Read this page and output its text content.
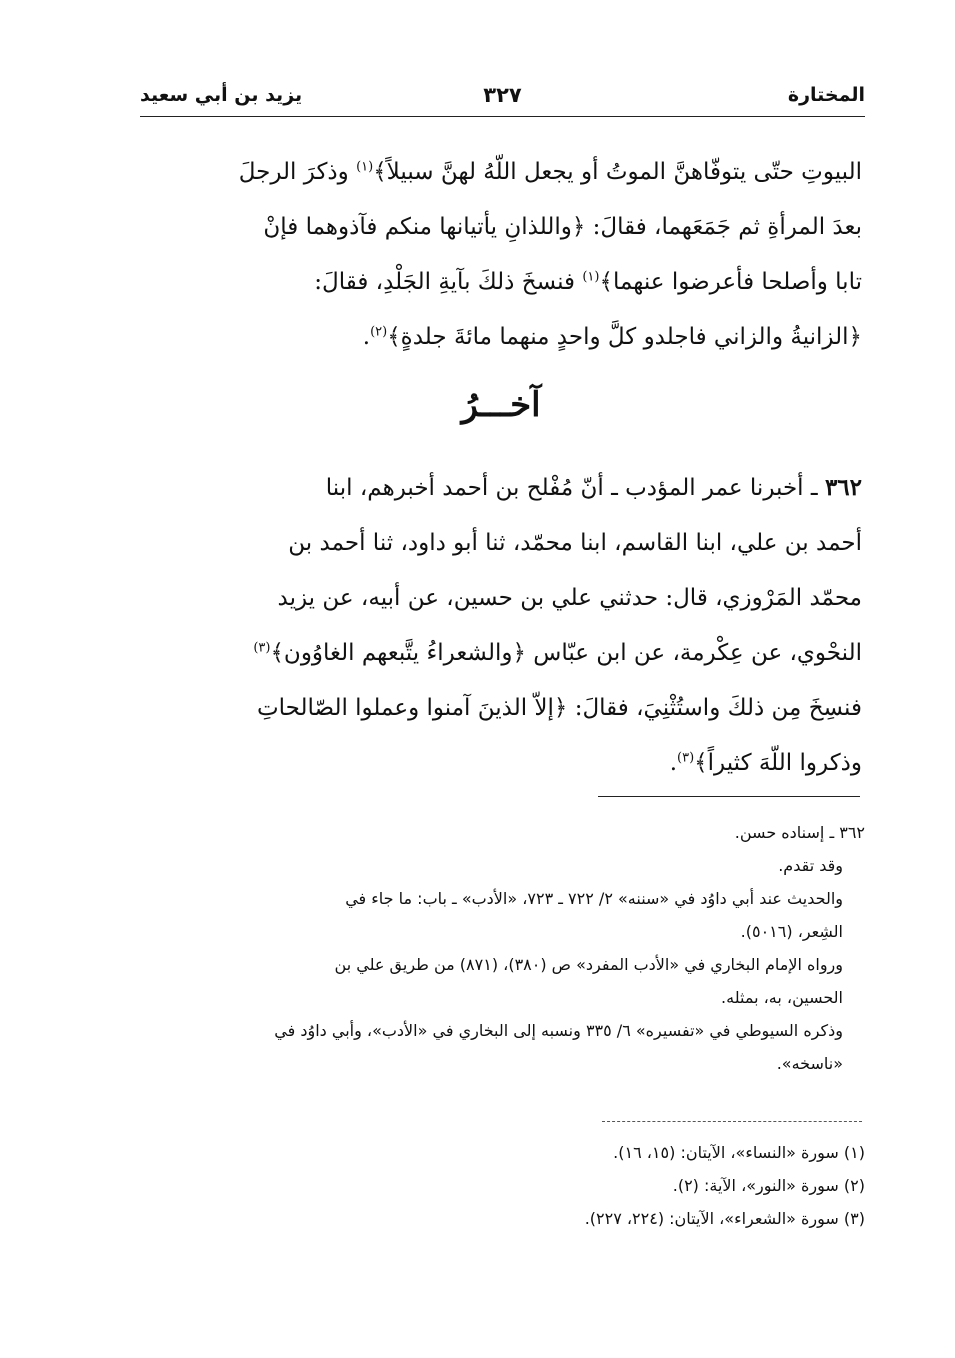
المختارة
٣٢٧
يزيد بن أبي سعيد
البيوتِ حتّى يتوفّاهنَّ الموتُ أو يجعل اللّهُ لهنَّ سبيلاً﴾$^{(١)}$ وذكرَ الرجلَ
بعدَ المرأةِ ثم جَمَعَهما، فقالَ: ﴿واللذانِ يأتيانها منكم فآذوهما فإنْ
تابا وأصلحا فأعرضوا عنهما﴾$^{(١)}$ فنسخَ ذلكَ بآيةِ الجَلْدِ، فقالَ:
﴿الزانيةُ والزاني فاجلدو كلَّ واحدٍ منهما مائةَ جلدةٍ﴾$^{(٢)}$.
آخـــرُ
٣٦٢ ـ أخبرنا عمر المؤدب ـ أنّ مُفْلح بن أحمد أخبرهم، ابنا
أحمد بن علي، ابنا القاسم، ابنا محمّد، ثنا أبو داود، ثنا أحمد بن
محمّد المَرْوزي، قال: حدثني علي بن حسين، عن أبيه، عن يزيد
النحْوي، عن عِكْرمة، عن ابن عبّاس ﴿والشعراءُ يتَّبعهم الغاوُون﴾$^{(٣)}$
فنسِخَ مِن ذلكَ واستُثْنِيَ، فقالَ: ﴿إلاّ الذينَ آمنوا وعملوا الصّالحاتِ
وذكروا اللّهَ كثيراً﴾$^{(٣)}$.

٣٦٢ ـ إسناده حسن.

وقد تقدم.

والحديث عند أبي داوُد في «سننه» ٢/ ٧٢٢ ـ ٧٢٣، «الأدب» ـ باب: ما جاء في

الشِعر، (٥٠١٦).

ورواه الإمام البخاري في «الأدب المفرد» ص (٣٨٠)، (٨٧١) من طريق علي بن

الحسين، به، بمثله.

وذكره السيوطي في «تفسيره» ٦/ ٣٣٥ ونسبه إلى البخاري في «الأدب»، وأبي داوُد في

«ناسخه».

(١) سورة «النساء»، الآيتان: (١٥، ١٦).

(٢) سورة «النور»، الآية: (٢).

(٣) سورة «الشعراء»، الآيتان: (٢٢٤، ٢٢٧).
